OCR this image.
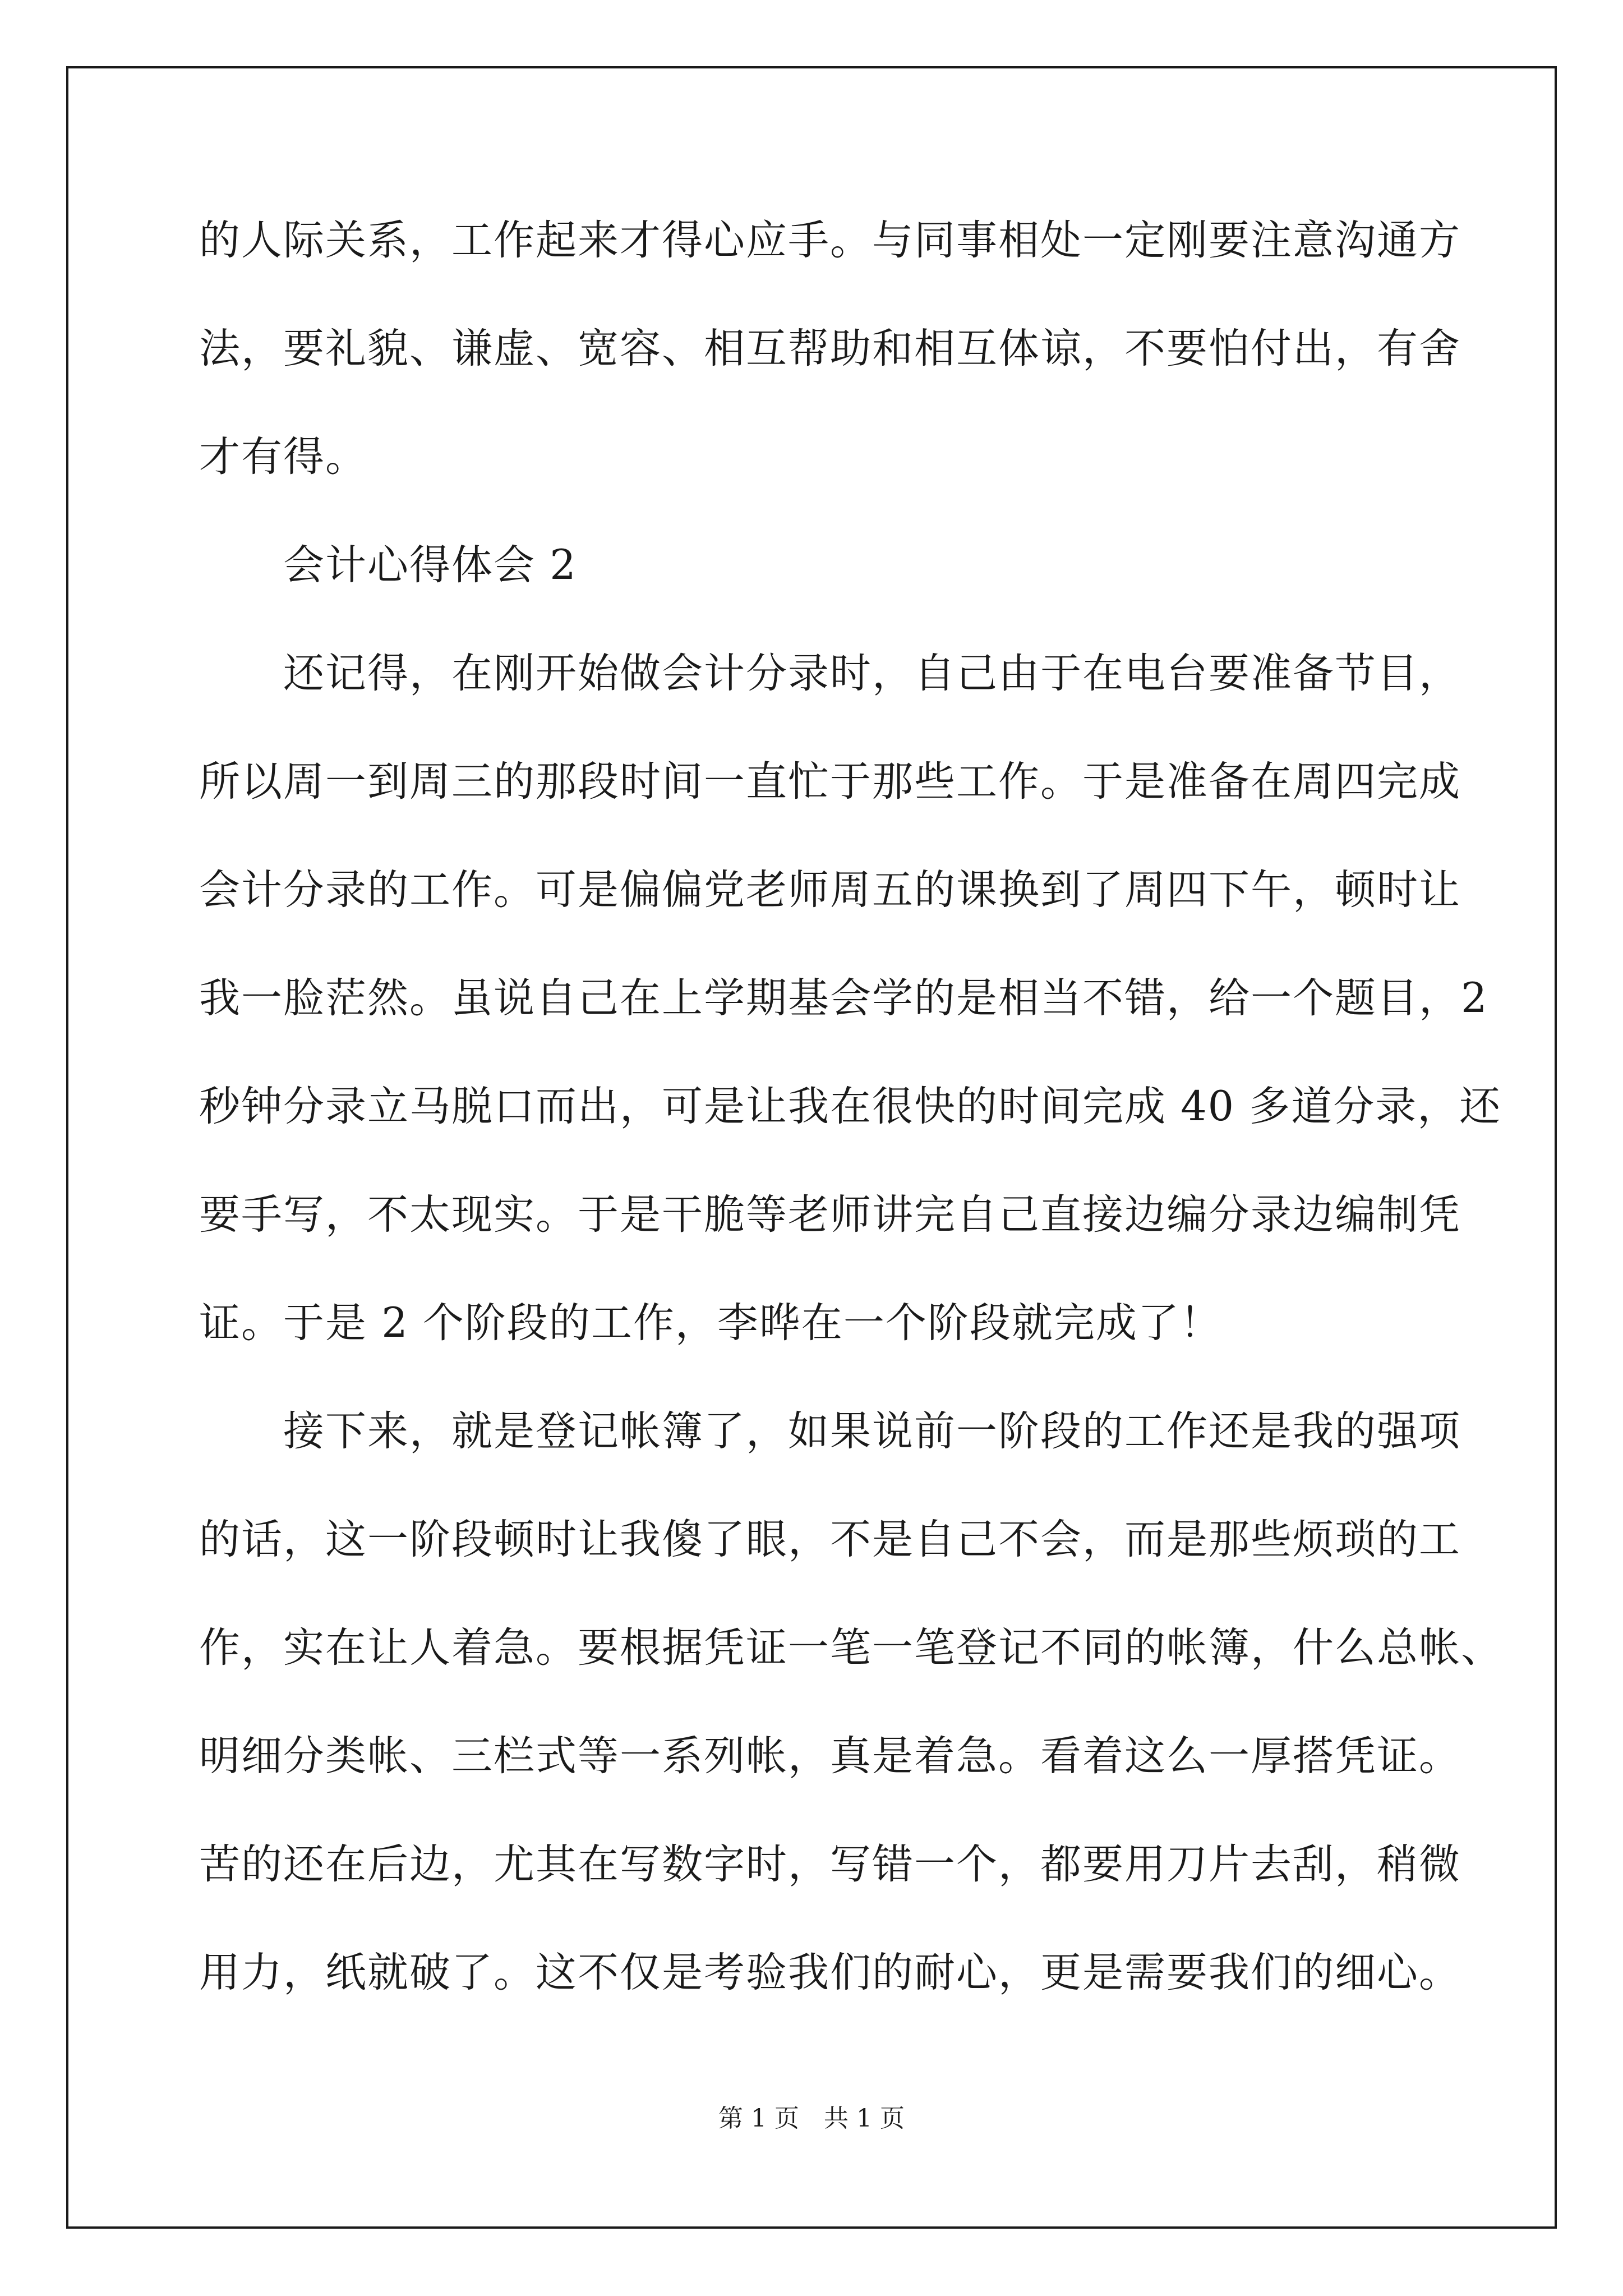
的人际关系，工作起来才得心应手。与同事相处一定刚要注意沟通方
法，要礼貌、谦虚、宽容、相互帮助和相互体谅，不要怕付出，有舍
才有得。
　　会计心得体会 2
　　还记得，在刚开始做会计分录时，自己由于在电台要准备节目，
所以周一到周三的那段时间一直忙于那些工作。于是准备在周四完成
会计分录的工作。可是偏偏党老师周五的课换到了周四下午，顿时让
我一脸茫然。虽说自己在上学期基会学的是相当不错，给一个题目，2
秒钟分录立马脱口而出，可是让我在很快的时间完成 40 多道分录，还
要手写，不太现实。于是干脆等老师讲完自己直接边编分录边编制凭
证。于是 2 个阶段的工作，李晔在一个阶段就完成了！
　　接下来，就是登记帐簿了，如果说前一阶段的工作还是我的强项
的话，这一阶段顿时让我傻了眼，不是自己不会，而是那些烦琐的工
作，实在让人着急。要根据凭证一笔一笔登记不同的帐簿，什么总帐、
明细分类帐、三栏式等一系列帐，真是着急。看着这么一厚搭凭证。
苦的还在后边，尤其在写数字时，写错一个，都要用刀片去刮，稍微
用力，纸就破了。这不仅是考验我们的耐心，更是需要我们的细心。
第 1 页　共 1 页
